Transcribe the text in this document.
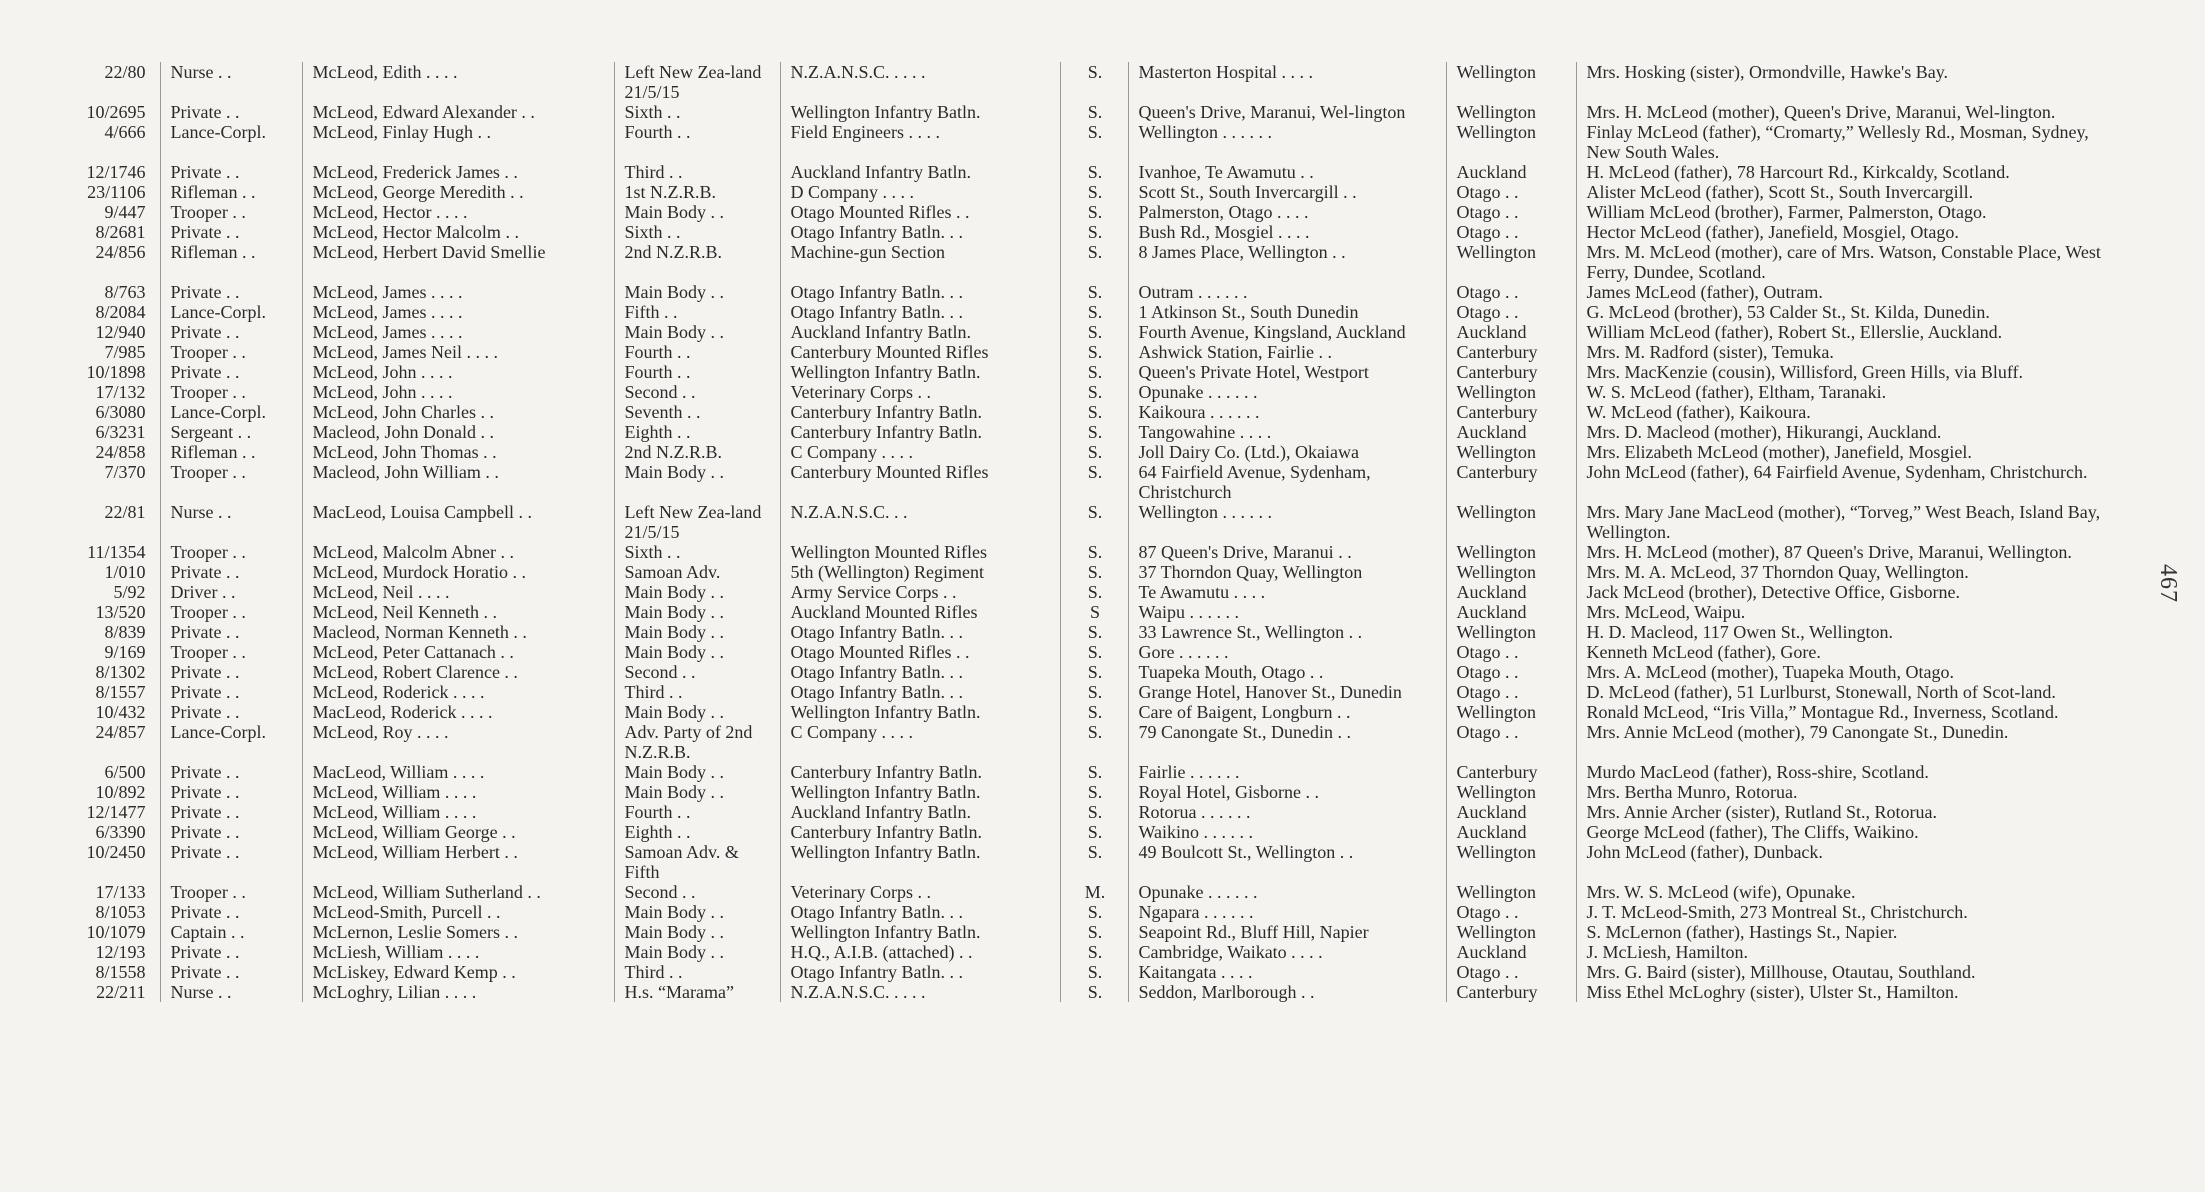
22/80	Nurse . .	McLeod, Edith . . . .	Left New Zea-land 21/5/15	N.Z.A.N.S.C. . . . .	S.	Masterton Hospital . . . .	Wellington	Mrs. Hosking (sister), Ormondville, Hawke's Bay.
10/2695	Private . .	McLeod, Edward Alexander . .	Sixth . .	Wellington Infantry Batln.	S.	Queen's Drive, Maranui, Wel-lington	Wellington	Mrs. H. McLeod (mother), Queen's Drive, Maranui, Wel-lington.
4/666	Lance-Corpl.	McLeod, Finlay Hugh . .	Fourth . .	Field Engineers . . . .	S.	Wellington . . . . . .	Wellington	Finlay McLeod (father), “Cromarty,” Wellesly Rd., Mosman, Sydney, New South Wales.
12/1746	Private . .	McLeod, Frederick James . .	Third . .	Auckland Infantry Batln.	S.	Ivanhoe, Te Awamutu . .	Auckland	H. McLeod (father), 78 Harcourt Rd., Kirkcaldy, Scotland.
23/1106	Rifleman . .	McLeod, George Meredith . .	1st N.Z.R.B.	D Company . . . .	S.	Scott St., South Invercargill . .	Otago . .	Alister McLeod (father), Scott St., South Invercargill.
9/447	Trooper . .	McLeod, Hector . . . .	Main Body . .	Otago Mounted Rifles . .	S.	Palmerston, Otago . . . .	Otago . .	William McLeod (brother), Farmer, Palmerston, Otago.
8/2681	Private . .	McLeod, Hector Malcolm . .	Sixth . .	Otago Infantry Batln. . .	S.	Bush Rd., Mosgiel . . . .	Otago . .	Hector McLeod (father), Janefield, Mosgiel, Otago.
24/856	Rifleman . .	McLeod, Herbert David Smellie	2nd N.Z.R.B.	Machine-gun Section	S.	8 James Place, Wellington . .	Wellington	Mrs. M. McLeod (mother), care of Mrs. Watson, Constable Place, West Ferry, Dundee, Scotland.
8/763	Private . .	McLeod, James . . . .	Main Body . .	Otago Infantry Batln. . .	S.	Outram . . . . . .	Otago . .	James McLeod (father), Outram.
8/2084	Lance-Corpl.	McLeod, James . . . .	Fifth . .	Otago Infantry Batln. . .	S.	1 Atkinson St., South Dunedin	Otago . .	G. McLeod (brother), 53 Calder St., St. Kilda, Dunedin.
12/940	Private . .	McLeod, James . . . .	Main Body . .	Auckland Infantry Batln.	S.	Fourth Avenue, Kingsland, Auckland	Auckland	William McLeod (father), Robert St., Ellerslie, Auckland.
7/985	Trooper . .	McLeod, James Neil . . . .	Fourth . .	Canterbury Mounted Rifles	S.	Ashwick Station, Fairlie . .	Canterbury	Mrs. M. Radford (sister), Temuka.
10/1898	Private . .	McLeod, John . . . .	Fourth . .	Wellington Infantry Batln.	S.	Queen's Private Hotel, Westport	Canterbury	Mrs. MacKenzie (cousin), Willisford, Green Hills, via Bluff.
17/132	Trooper . .	McLeod, John . . . .	Second . .	Veterinary Corps . .	S.	Opunake . . . . . .	Wellington	W. S. McLeod (father), Eltham, Taranaki.
6/3080	Lance-Corpl.	McLeod, John Charles . .	Seventh . .	Canterbury Infantry Batln.	S.	Kaikoura . . . . . .	Canterbury	W. McLeod (father), Kaikoura.
6/3231	Sergeant . .	Macleod, John Donald . .	Eighth . .	Canterbury Infantry Batln.	S.	Tangowahine . . . .	Auckland	Mrs. D. Macleod (mother), Hikurangi, Auckland.
24/858	Rifleman . .	McLeod, John Thomas . .	2nd N.Z.R.B.	C Company . . . .	S.	Joll Dairy Co. (Ltd.), Okaiawa	Wellington	Mrs. Elizabeth McLeod (mother), Janefield, Mosgiel.
7/370	Trooper . .	Macleod, John William . .	Main Body . .	Canterbury Mounted Rifles	S.	64 Fairfield Avenue, Sydenham, Christchurch	Canterbury	John McLeod (father), 64 Fairfield Avenue, Sydenham, Christchurch.
22/81	Nurse . .	MacLeod, Louisa Campbell . .	Left New Zea-land 21/5/15	N.Z.A.N.S.C. . .	S.	Wellington . . . . . .	Wellington	Mrs. Mary Jane MacLeod (mother), “Torveg,” West Beach, Island Bay, Wellington.
11/1354	Trooper . .	McLeod, Malcolm Abner . .	Sixth . .	Wellington Mounted Rifles	S.	87 Queen's Drive, Maranui . .	Wellington	Mrs. H. McLeod (mother), 87 Queen's Drive, Maranui, Wellington.
1/010	Private . .	McLeod, Murdock Horatio . .	Samoan Adv.	5th (Wellington) Regiment	S.	37 Thorndon Quay, Wellington	Wellington	Mrs. M. A. McLeod, 37 Thorndon Quay, Wellington.
5/92	Driver . .	McLeod, Neil . . . .	Main Body . .	Army Service Corps . .	S.	Te Awamutu . . . .	Auckland	Jack McLeod (brother), Detective Office, Gisborne.
13/520	Trooper . .	McLeod, Neil Kenneth . .	Main Body . .	Auckland Mounted Rifles	S	Waipu . . . . . .	Auckland	Mrs. McLeod, Waipu.
8/839	Private . .	Macleod, Norman Kenneth . .	Main Body . .	Otago Infantry Batln. . .	S.	33 Lawrence St., Wellington . .	Wellington	H. D. Macleod, 117 Owen St., Wellington.
9/169	Trooper . .	McLeod, Peter Cattanach . .	Main Body . .	Otago Mounted Rifles . .	S.	Gore . . . . . .	Otago . .	Kenneth McLeod (father), Gore.
8/1302	Private . .	McLeod, Robert Clarence . .	Second . .	Otago Infantry Batln. . .	S.	Tuapeka Mouth, Otago . .	Otago . .	Mrs. A. McLeod (mother), Tuapeka Mouth, Otago.
8/1557	Private . .	McLeod, Roderick . . . .	Third . .	Otago Infantry Batln. . .	S.	Grange Hotel, Hanover St., Dunedin	Otago . .	D. McLeod (father), 51 Lurlburst, Stonewall, North of Scot-land.
10/432	Private . .	MacLeod, Roderick . . . .	Main Body . .	Wellington Infantry Batln.	S.	Care of Baigent, Longburn . .	Wellington	Ronald McLeod, “Iris Villa,” Montague Rd., Inverness, Scotland.
24/857	Lance-Corpl.	McLeod, Roy . . . .	Adv. Party of 2nd N.Z.R.B.	C Company . . . .	S.	79 Canongate St., Dunedin . .	Otago . .	Mrs. Annie McLeod (mother), 79 Canongate St., Dunedin.
6/500	Private . .	MacLeod, William . . . .	Main Body . .	Canterbury Infantry Batln.	S.	Fairlie . . . . . .	Canterbury	Murdo MacLeod (father), Ross-shire, Scotland.
10/892	Private . .	McLeod, William . . . .	Main Body . .	Wellington Infantry Batln.	S.	Royal Hotel, Gisborne . .	Wellington	Mrs. Bertha Munro, Rotorua.
12/1477	Private . .	McLeod, William . . . .	Fourth . .	Auckland Infantry Batln.	S.	Rotorua . . . . . .	Auckland	Mrs. Annie Archer (sister), Rutland St., Rotorua.
6/3390	Private . .	McLeod, William George . .	Eighth . .	Canterbury Infantry Batln.	S.	Waikino . . . . . .	Auckland	George McLeod (father), The Cliffs, Waikino.
10/2450	Private . .	McLeod, William Herbert . .	Samoan Adv. & Fifth	Wellington Infantry Batln.	S.	49 Boulcott St., Wellington . .	Wellington	John McLeod (father), Dunback.
17/133	Trooper . .	McLeod, William Sutherland . .	Second . .	Veterinary Corps . .	M.	Opunake . . . . . .	Wellington	Mrs. W. S. McLeod (wife), Opunake.
8/1053	Private . .	McLeod-Smith, Purcell . .	Main Body . .	Otago Infantry Batln. . .	S.	Ngapara . . . . . .	Otago . .	J. T. McLeod-Smith, 273 Montreal St., Christchurch.
10/1079	Captain . .	McLernon, Leslie Somers . .	Main Body . .	Wellington Infantry Batln.	S.	Seapoint Rd., Bluff Hill, Napier	Wellington	S. McLernon (father), Hastings St., Napier.
12/193	Private . .	McLiesh, William . . . .	Main Body . .	H.Q., A.I.B. (attached) . .	S.	Cambridge, Waikato . . . .	Auckland	J. McLiesh, Hamilton.
8/1558	Private . .	McLiskey, Edward Kemp . .	Third . .	Otago Infantry Batln. . .	S.	Kaitangata . . . .	Otago . .	Mrs. G. Baird (sister), Millhouse, Otautau, Southland.
22/211	Nurse . .	McLoghry, Lilian . . . .	H.s. “Marama”	N.Z.A.N.S.C. . . . .	S.	Seddon, Marlborough . .	Canterbury	Miss Ethel McLoghry (sister), Ulster St., Hamilton.
467
